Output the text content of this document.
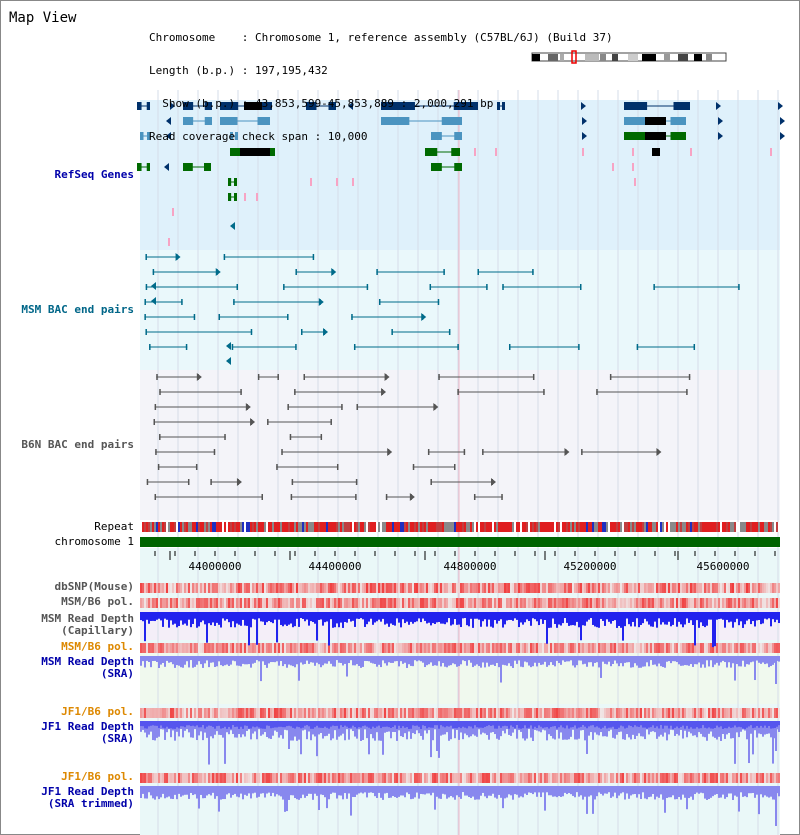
44000000	44400000	44800000	45200000	45600000
Map View

Chromosome    : Chromosome 1, reference assembly (C57BL/6J) (Build 37)

Length (b.p.) : 197,195,432

Show (b.p.) : 43,853,599-45,853,889 : 2,000,291 bp

Read coverage check span : 10,000

RefSeq Genes
MSM BAC end pairs
B6N BAC end pairs
Repeat
chromosome 1
dbSNP(Mouse)
MSM/B6 pol.
MSM Read Depth
(Capillary)
MSM/B6 pol.
MSM Read Depth
(SRA)
JF1/B6 pol.
JF1 Read Depth
(SRA)
JF1/B6 pol.
JF1 Read Depth
(SRA trimmed)
